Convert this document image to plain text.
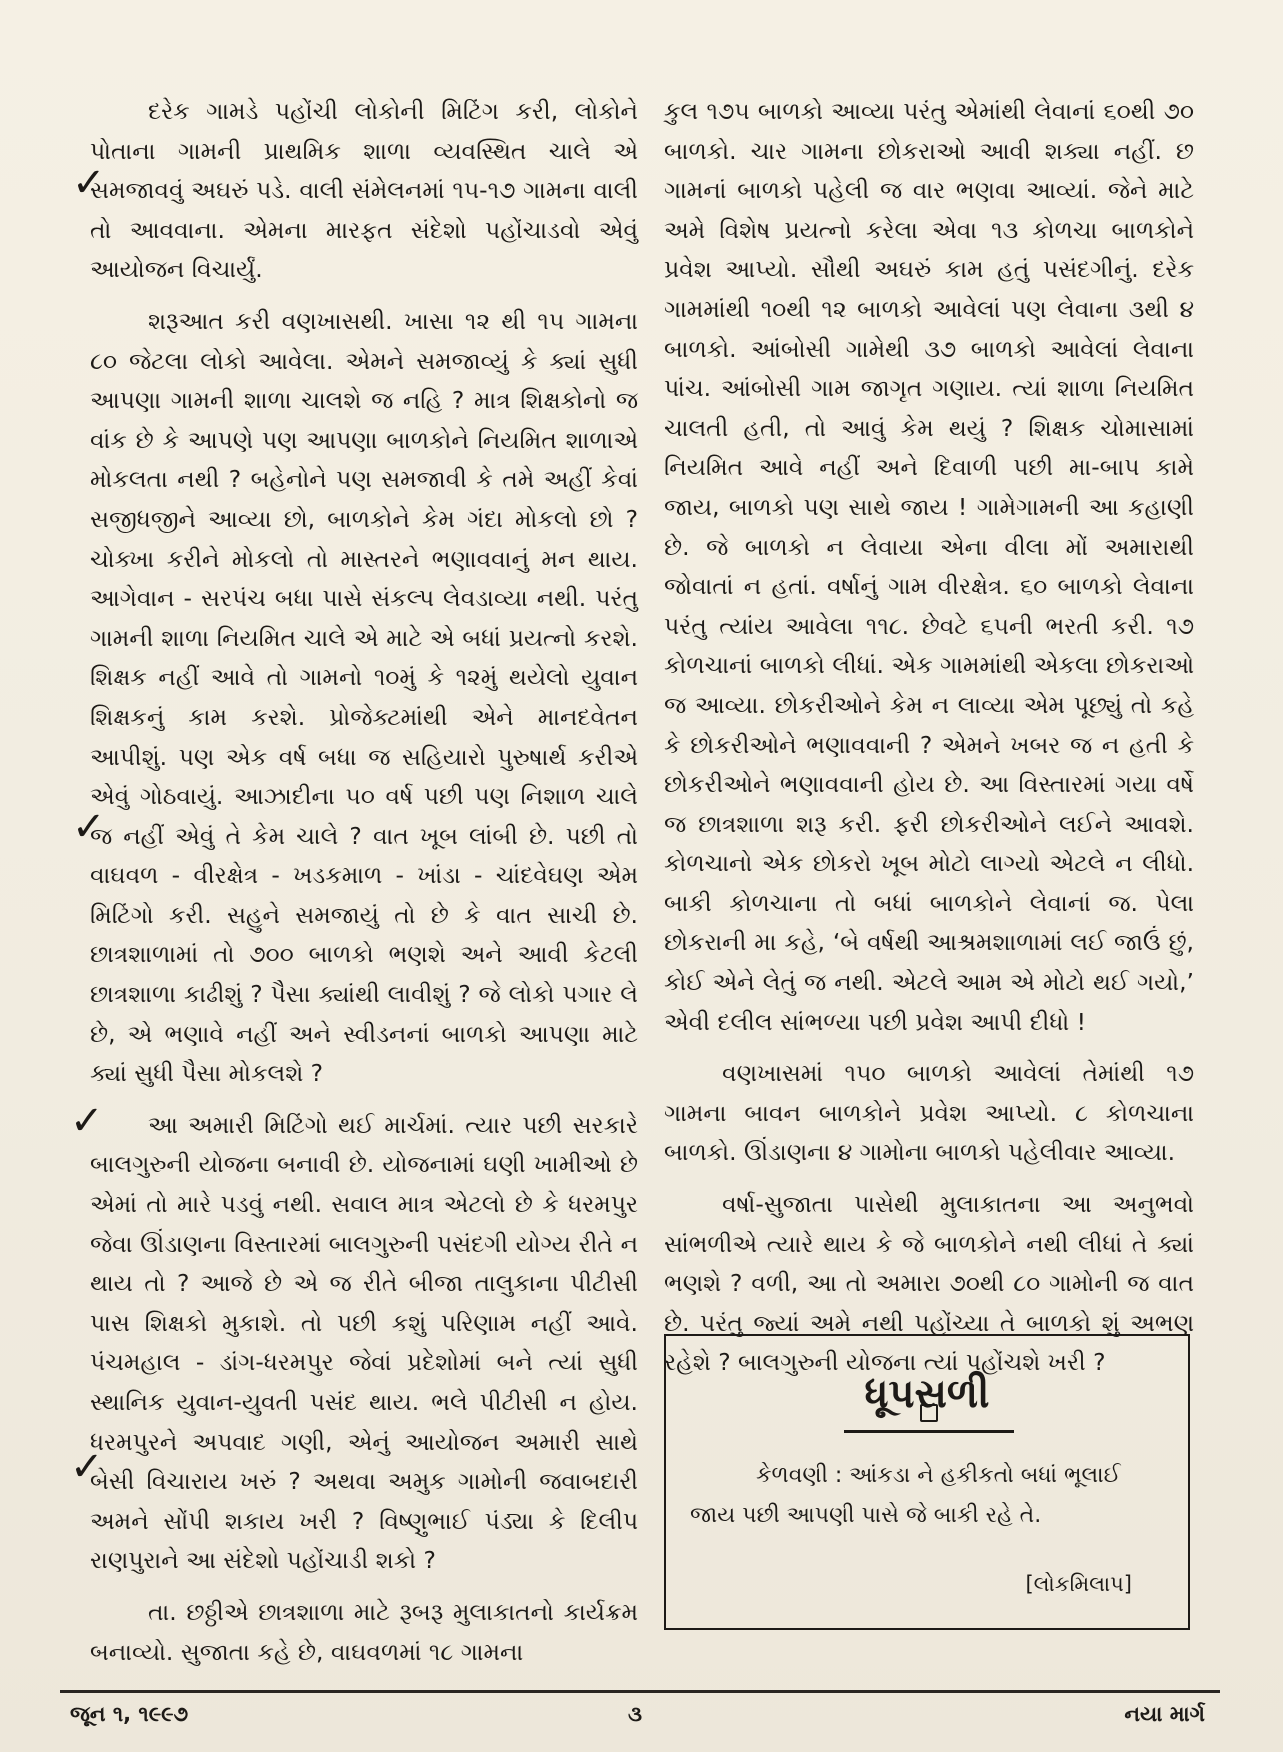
દરેક ગામડે પહોંચી લોકોની મિટિંગ કરી, લોકોને પોતાના ગામની પ્રાથમિક શાળા વ્યવસ્થિત ચાલે એ સમજાવવું અઘરું પડે. વાલી સંમેલનમાં ૧૫-૧૭ ગામના વાલી તો આવવાના. એમના મારફત સંદેશો પહોંચાડવો એવું આયોજન વિચાર્યું.

શરૂઆત કરી વણખાસથી. ખાસા ૧૨ થી ૧૫ ગામના ૮૦ જેટલા લોકો આવેલા. એમને સમજાવ્યું કે ક્યાં સુધી આપણા ગામની શાળા ચાલશે જ નહિ ? માત્ર શિક્ષકોનો જ વાંક છે કે આપણે પણ આપણા બાળકોને નિયમિત શાળાએ મોકલતા નથી ? બહેનોને પણ સમજાવી કે તમે અહીં કેવાં સજીધજીને આવ્યા છો, બાળકોને કેમ ગંદા મોકલો છો ? ચોક્ખા કરીને મોકલો તો માસ્તરને ભણાવવાનું મન થાય. આગેવાન - સરપંચ બધા પાસે સંકલ્પ લેવડાવ્યા નથી. પરંતુ ગામની શાળા નિયમિત ચાલે એ માટે એ બધાં પ્રયત્નો કરશે. શિક્ષક નહીં આવે તો ગામનો ૧૦મું કે ૧૨મું થયેલો યુવાન શિક્ષકનું કામ કરશે. પ્રોજેક્ટમાંથી એને માનદવેતન આપીશું. પણ એક વર્ષ બધા જ સહિયારો પુરુષાર્થ કરીએ એવું ગોઠવાયું. આઝાદીના ૫૦ વર્ષ પછી પણ નિશાળ ચાલે જ નહીં એવું તે કેમ ચાલે ? વાત ખૂબ લાંબી છે. પછી તો વાઘવળ - વીરક્ષેત્ર - ખડકમાળ - ખાંડા - ચાંદવેઘણ એમ મિટિંગો કરી. સહુને સમજાયું તો છે કે વાત સાચી છે. છાત્રશાળામાં તો ૭૦૦ બાળકો ભણશે અને આવી કેટલી છાત્રશાળા કાઢીશું ? પૈસા ક્યાંથી લાવીશું ? જે લોકો પગાર લે છે, એ ભણાવે નહીં અને સ્વીડનનાં બાળકો આપણા માટે ક્યાં સુધી પૈસા મોકલશે ?

આ અમારી મિટિંગો થઈ માર્ચમાં. ત્યાર પછી સરકારે બાલગુરુની યોજના બનાવી છે. યોજનામાં ઘણી ખામીઓ છે એમાં તો મારે પડવું નથી. સવાલ માત્ર એટલો છે કે ધરમપુર જેવા ઊંડાણના વિસ્તારમાં બાલગુરુની પસંદગી યોગ્ય રીતે ન થાય તો ? આજે છે એ જ રીતે બીજા તાલુકાના પીટીસી પાસ શિક્ષકો મુકાશે. તો પછી કશું પરિણામ નહીં આવે. પંચમહાલ - ડાંગ-ધરમપુર જેવાં પ્રદેશોમાં બને ત્યાં સુધી સ્થાનિક યુવાન-યુવતી પસંદ થાય. ભલે પીટીસી ન હોય. ધરમપુરને અપવાદ ગણી, એનું આયોજન અમારી સાથે બેસી વિચારાય ખરું ? અથવા અમુક ગામોની જવાબદારી અમને સોંપી શકાય ખરી ? વિષ્ણુભાઈ પંડ્યા કે દિલીપ રાણપુરાને આ સંદેશો પહોંચાડી શકો ?

તા. છઠ્ઠીએ છાત્રશાળા માટે રૂબરૂ મુલાકાતનો કાર્યક્રમ બનાવ્યો. સુજાતા કહે છે, વાઘવળમાં ૧૮ ગામના

કુલ ૧૭૫ બાળકો આવ્યા પરંતુ એમાંથી લેવાનાં ૬૦થી ૭૦ બાળકો. ચાર ગામના છોકરાઓ આવી શક્યા નહીં. છ ગામનાં બાળકો પહેલી જ વાર ભણવા આવ્યાં. જેને માટે અમે વિશેષ પ્રયત્નો કરેલા એવા ૧૩ કોળચા બાળકોને પ્રવેશ આપ્યો. સૌથી અઘરું કામ હતું પસંદગીનું. દરેક ગામમાંથી ૧૦થી ૧૨ બાળકો આવેલાં પણ લેવાના ૩થી ૪ બાળકો. આંબોસી ગામેથી ૩૭ બાળકો આવેલાં લેવાના પાંચ. આંબોસી ગામ જાગૃત ગણાય. ત્યાં શાળા નિયમિત ચાલતી હતી, તો આવું કેમ થયું ? શિક્ષક ચોમાસામાં નિયમિત આવે નહીં અને દિવાળી પછી મા-બાપ કામે જાય, બાળકો પણ સાથે જાય ! ગામેગામની આ કહાણી છે. જે બાળકો ન લેવાયા એના વીલા મોં અમારાથી જોવાતાં ન હતાં. વર્ષાનું ગામ વીરક્ષેત્ર. ૬૦ બાળકો લેવાના પરંતુ ત્યાંય આવેલા ૧૧૮. છેવટે ૬૫ની ભરતી કરી. ૧૭ કોળચાનાં બાળકો લીધાં. એક ગામમાંથી એકલા છોકરાઓ જ આવ્યા. છોકરીઓને કેમ ન લાવ્યા એમ પૂછ્યું તો કહે કે છોકરીઓને ભણાવવાની ? એમને ખબર જ ન હતી કે છોકરીઓને ભણાવવાની હોય છે. આ વિસ્તારમાં ગયા વર્ષે જ છાત્રશાળા શરૂ કરી. ફરી છોકરીઓને લઈને આવશે. કોળચાનો એક છોકરો ખૂબ મોટો લાગ્યો એટલે ન લીધો. બાકી કોળચાના તો બધાં બાળકોને લેવાનાં જ. પેલા છોકરાની મા કહે, ‘બે વર્ષથી આશ્રમશાળામાં લઈ જાઉં છું, કોઈ એને લેતું જ નથી. એટલે આમ એ મોટો થઈ ગયો,’ એવી દલીલ સાંભળ્યા પછી પ્રવેશ આપી દીધો !

વણખાસમાં ૧૫૦ બાળકો આવેલાં તેમાંથી ૧૭ ગામના બાવન બાળકોને પ્રવેશ આપ્યો. ૮ કોળચાના બાળકો. ઊંડાણના ૪ ગામોના બાળકો પહેલીવાર આવ્યા.

વર્ષા-સુજાતા પાસેથી મુલાકાતના આ અનુભવો સાંભળીએ ત્યારે થાય કે જે બાળકોને નથી લીધાં તે ક્યાં ભણશે ? વળી, આ તો અમારા ૭૦થી ૮૦ ગામોની જ વાત છે. પરંતુ જ્યાં અમે નથી પહોંચ્યા તે બાળકો શું અભણ રહેશે ? બાલગુરુની યોજના ત્યાં પહોંચશે ખરી ?

ધૂપસળી
કેળવણી : આંકડા ને હકીકતો બધાં ભૂલાઈ
જાય પછી આપણી પાસે જે બાકી રહે તે.
[લોકમિલાપ]
✓
✓
✓
✓
જૂન ૧, ૧૯૯૭	૩	નયા માર્ગ
